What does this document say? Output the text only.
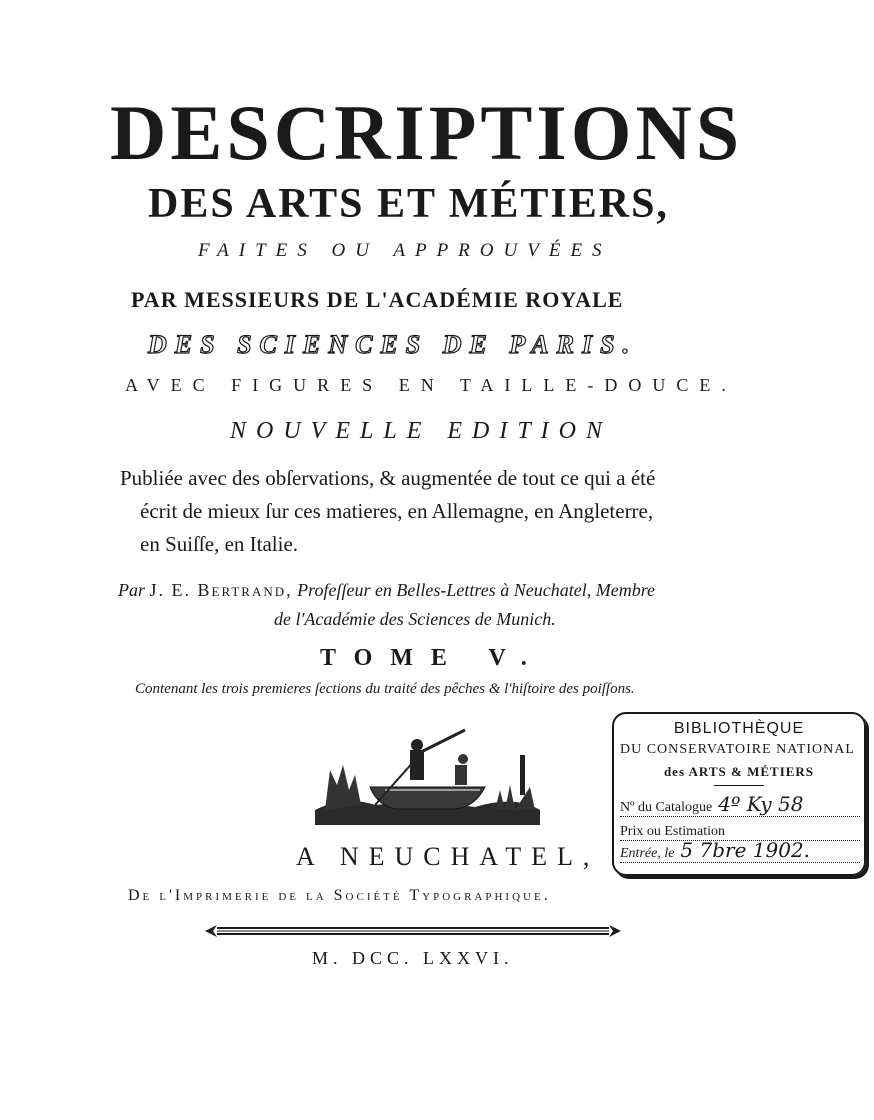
DESCRIPTIONS
DES ARTS ET MÉTIERS,
FAITES OU APPROUVÉES
PAR MESSIEURS DE L'ACADÉMIE ROYALE
DES SCIENCES DE PARIS.
AVEC FIGURES EN TAILLE-DOUCE.
NOUVELLE EDITION
Publiée avec des obſervations, & augmentée de tout ce qui a été
écrit de mieux ſur ces matieres, en Allemagne, en Angleterre,
en Suiſſe, en Italie.
Par J. E. Bertrand, Profeſſeur en Belles-Lettres à Neuchatel, Membre
de l'Académie des Sciences de Munich.
TOME V.
Contenant les trois premieres ſections du traité des pêches & l'hiſtoire des poiſſons.
BIBLIOTHÈQUE
DU CONSERVATOIRE NATIONAL
des ARTS & MÉTIERS
Nº du Catalogue 4º Ky 58
Prix ou Estimation
Entrée, le 5 7bre 1902.
A NEUCHATEL,
De l'Imprimerie de la Société Typographique.
M. DCC. LXXVI.
